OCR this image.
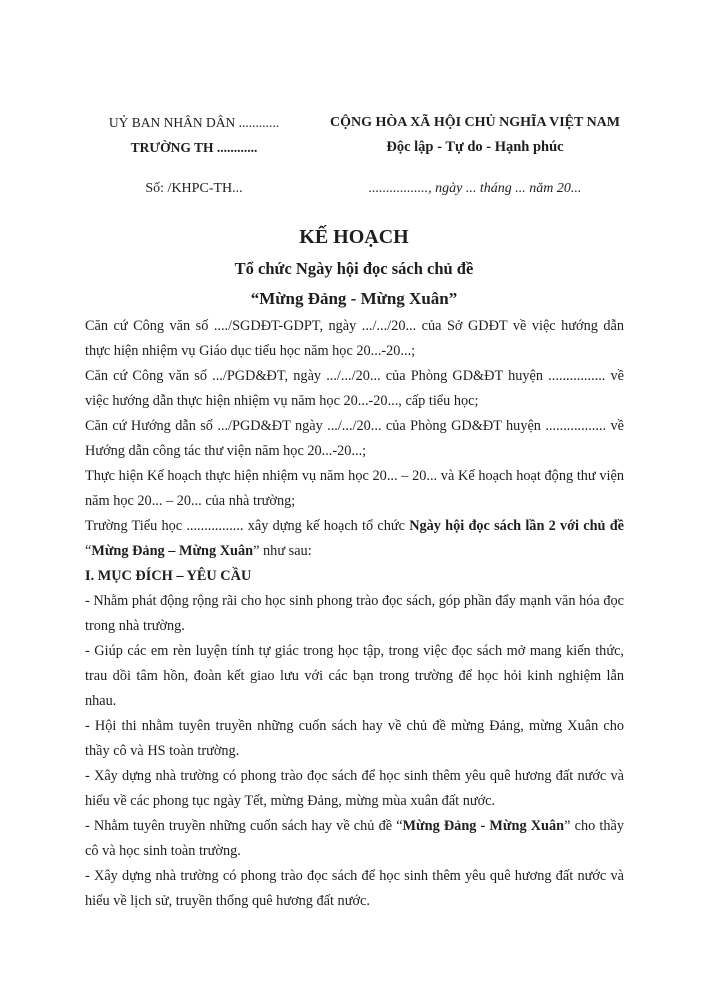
UỶ BAN NHÂN DÂN ............
TRƯỜNG TH ............
Số: /KHPC-TH...
CỘNG HÒA XÃ HỘI CHỦ NGHĨA VIỆT NAM
Độc lập - Tự do - Hạnh phúc
................., ngày ... tháng ... năm 20...
KẾ HOẠCH
Tổ chức Ngày hội đọc sách chủ đề
“Mừng Đảng - Mừng Xuân”

Căn cứ Công văn số ..../SGDĐT-GDPT, ngày .../.../20... của Sở GDĐT về việc hướng dẫn thực hiện nhiệm vụ Giáo dục tiểu học năm học 20...-20...;

Căn cứ Công văn số .../PGD&ĐT, ngày .../.../20... của Phòng GD&ĐT huyện ................ về việc hướng dẫn thực hiện nhiệm vụ năm học 20...-20..., cấp tiểu học;

Căn cứ Hướng dẫn số .../PGD&ĐT ngày .../.../20... của Phòng GD&ĐT huyện ................. về Hướng dẫn công tác thư viện năm học 20...-20...;

Thực hiện Kế hoạch thực hiện nhiệm vụ năm học 20... – 20... và Kế hoạch hoạt động thư viện năm học 20... – 20... của nhà trường;

Trường Tiểu học ................ xây dựng kế hoạch tổ chức Ngày hội đọc sách lần 2 với chủ đề “Mừng Đảng – Mừng Xuân” như sau:

I. MỤC ĐÍCH – YÊU CẦU

- Nhằm phát động rộng rãi cho học sinh phong trào đọc sách, góp phần đẩy mạnh văn hóa đọc trong nhà trường.

- Giúp các em rèn luyện tính tự giác trong học tập, trong việc đọc sách mở mang kiến thức, trau dồi tâm hồn, đoàn kết giao lưu với các bạn trong trường để học hỏi kinh nghiệm lẫn nhau.

- Hội thi nhằm tuyên truyền những cuốn sách hay về chủ đề mừng Đảng, mừng Xuân cho thầy cô và HS toàn trường.

- Xây dựng nhà trường có phong trào đọc sách để học sinh thêm yêu quê hương đất nước và hiểu về các phong tục ngày Tết, mừng Đảng, mừng mùa xuân đất nước.

- Nhằm tuyên truyền những cuốn sách hay về chủ đề “Mừng Đảng - Mừng Xuân” cho thầy cô và học sinh toàn trường.

- Xây dựng nhà trường có phong trào đọc sách để học sinh thêm yêu quê hương đất nước và hiểu về lịch sử, truyền thống quê hương đất nước.
